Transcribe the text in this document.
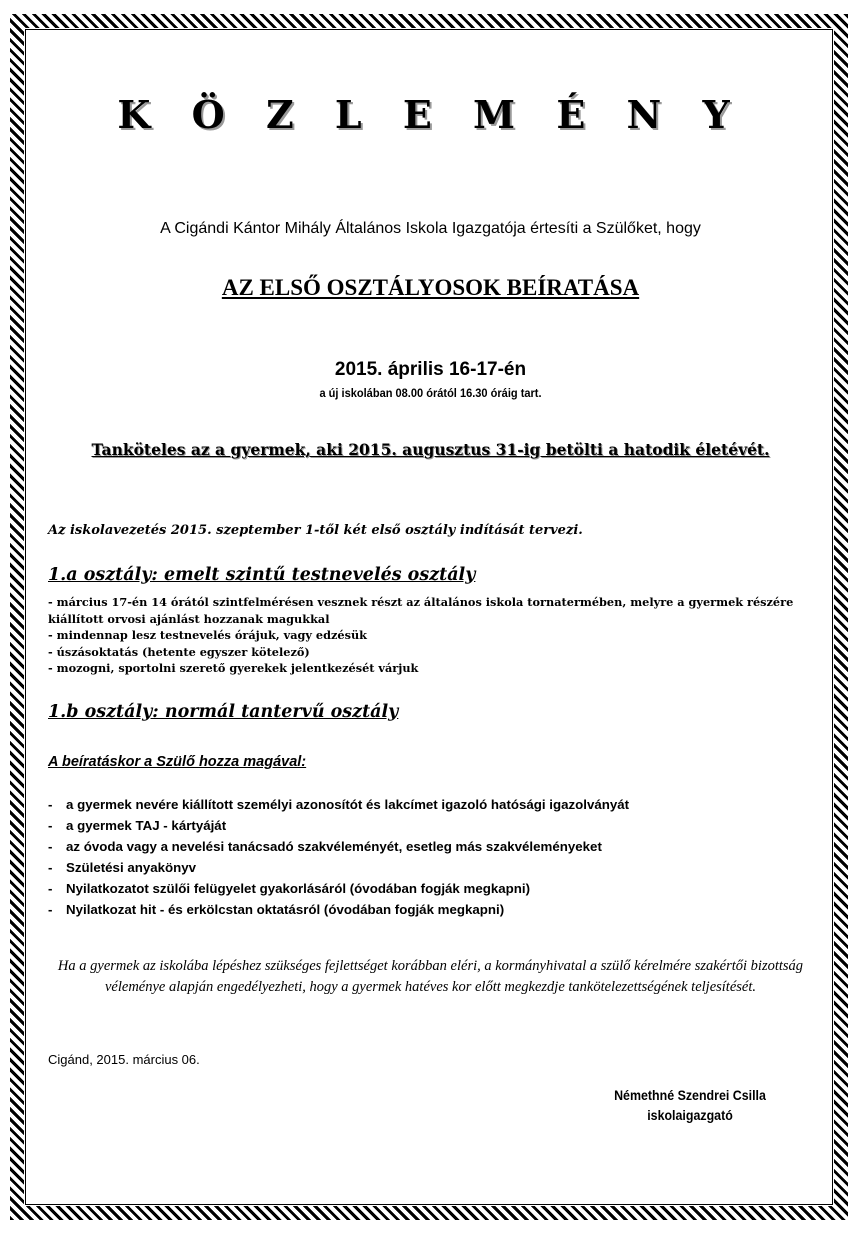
K Ö Z L E M É N Y

A Cigándi Kántor Mihály Általános Iskola Igazgatója értesíti a Szülőket, hogy

AZ ELSŐ OSZTÁLYOSOK BEÍRATÁSA

2015. április 16-17-én

a új iskolában 08.00 órától 16.30 óráig tart.

Tanköteles az a gyermek, aki 2015. augusztus 31-ig betölti a hatodik életévét.

Az iskolavezetés 2015. szeptember 1-től két első osztály indítását tervezi.

1.a osztály: emelt szintű testnevelés osztály
- március 17-én 14 órától szintfelmérésen vesznek részt az általános iskola tornatermében, melyre a gyermek részére kiállított orvosi ajánlást hozzanak magukkal
- mindennap lesz testnevelés órájuk, vagy edzésük
- úszásoktatás (hetente egyszer kötelező)
- mozogni, sportolni szerető gyerekek jelentkezését várjuk
1.b osztály: normál tantervű osztály

A beíratáskor a Szülő hozza magával:

- a gyermek nevére kiállított személyi azonosítót és lakcímet igazoló hatósági igazolványát
- a gyermek TAJ - kártyáját
- az óvoda vagy a nevelési tanácsadó szakvéleményét, esetleg más szakvéleményeket
- Születési anyakönyv
- Nyilatkozatot szülői felügyelet gyakorlásáról (óvodában fogják megkapni)
- Nyilatkozat hit - és erkölcstan oktatásról (óvodában fogják megkapni)

Ha a gyermek az iskolába lépéshez szükséges fejlettséget korábban eléri, a kormányhivatal a szülő kérelmére szakértői bizottság véleménye alapján engedélyezheti, hogy a gyermek hatéves kor előtt megkezdje tankötelezettségének teljesítését.

Cigánd, 2015. március 06.

Némethné Szendrei Csilla
iskolaigazgató
